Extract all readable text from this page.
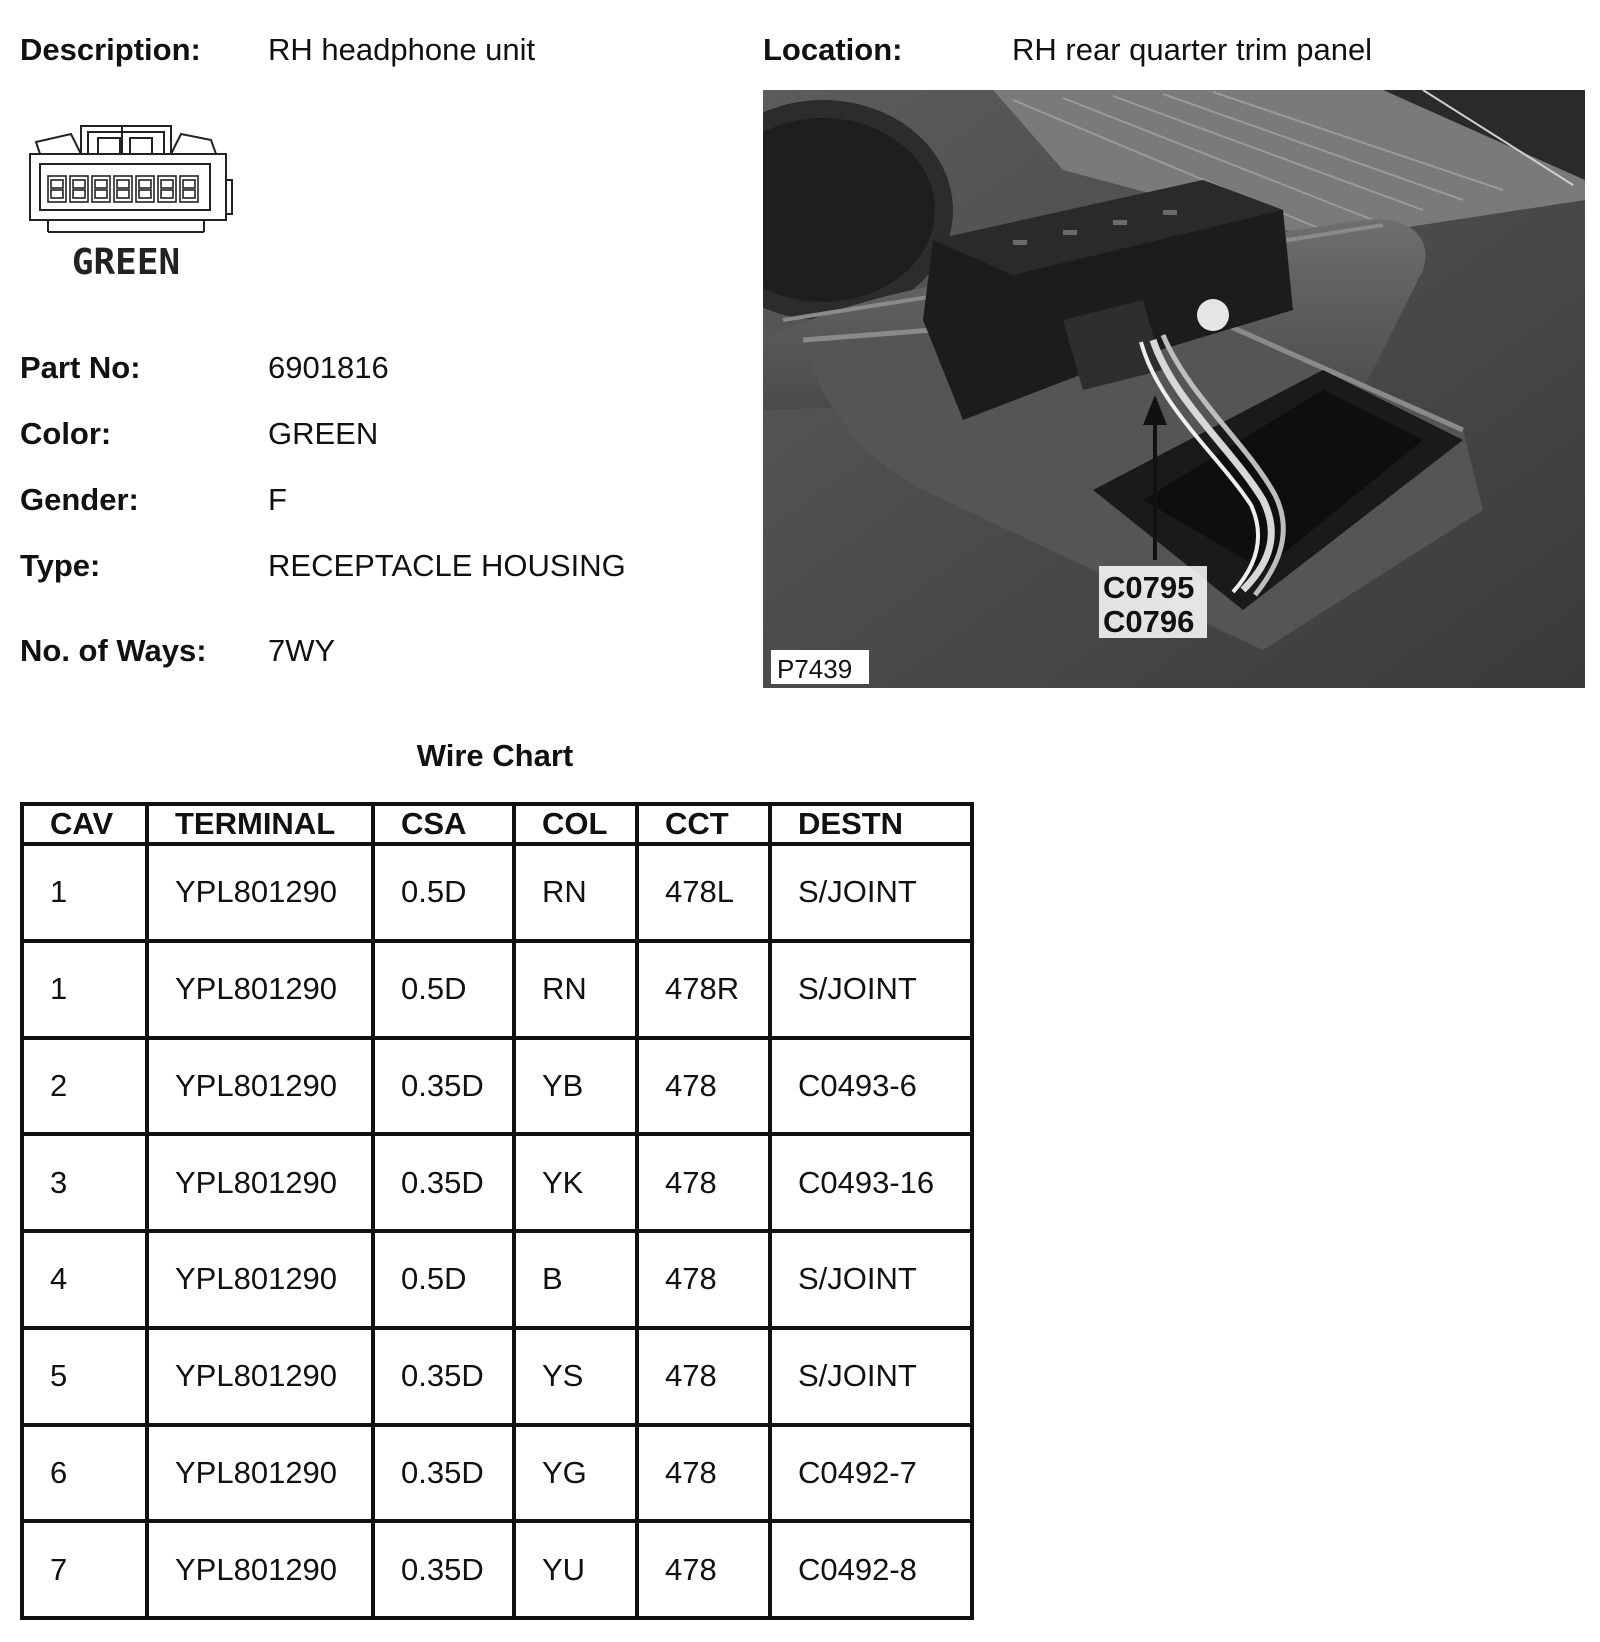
Description: RH headphone unit	Location:	RH rear quarter trim panel
GREEN
Part No:	6901816
Color:	GREEN
Gender:	F
Type:	RECEPTACLE HOUSING
No. of Ways: 7WY
C0795
C0796
P7439
Wire Chart
CAV	TERMINAL	CSA	COL	CCT	DESTN
1	YPL801290	0.5D	RN	478L	S/JOINT
1	YPL801290	0.5D	RN	478R	S/JOINT
2	YPL801290	0.35D	YB	478	C0493-6
3	YPL801290	0.35D	YK	478	C0493-16
4	YPL801290	0.5D	B	478	S/JOINT
5	YPL801290	0.35D	YS	478	S/JOINT
6	YPL801290	0.35D	YG	478	C0492-7
7	YPL801290	0.35D	YU	478	C0492-8
